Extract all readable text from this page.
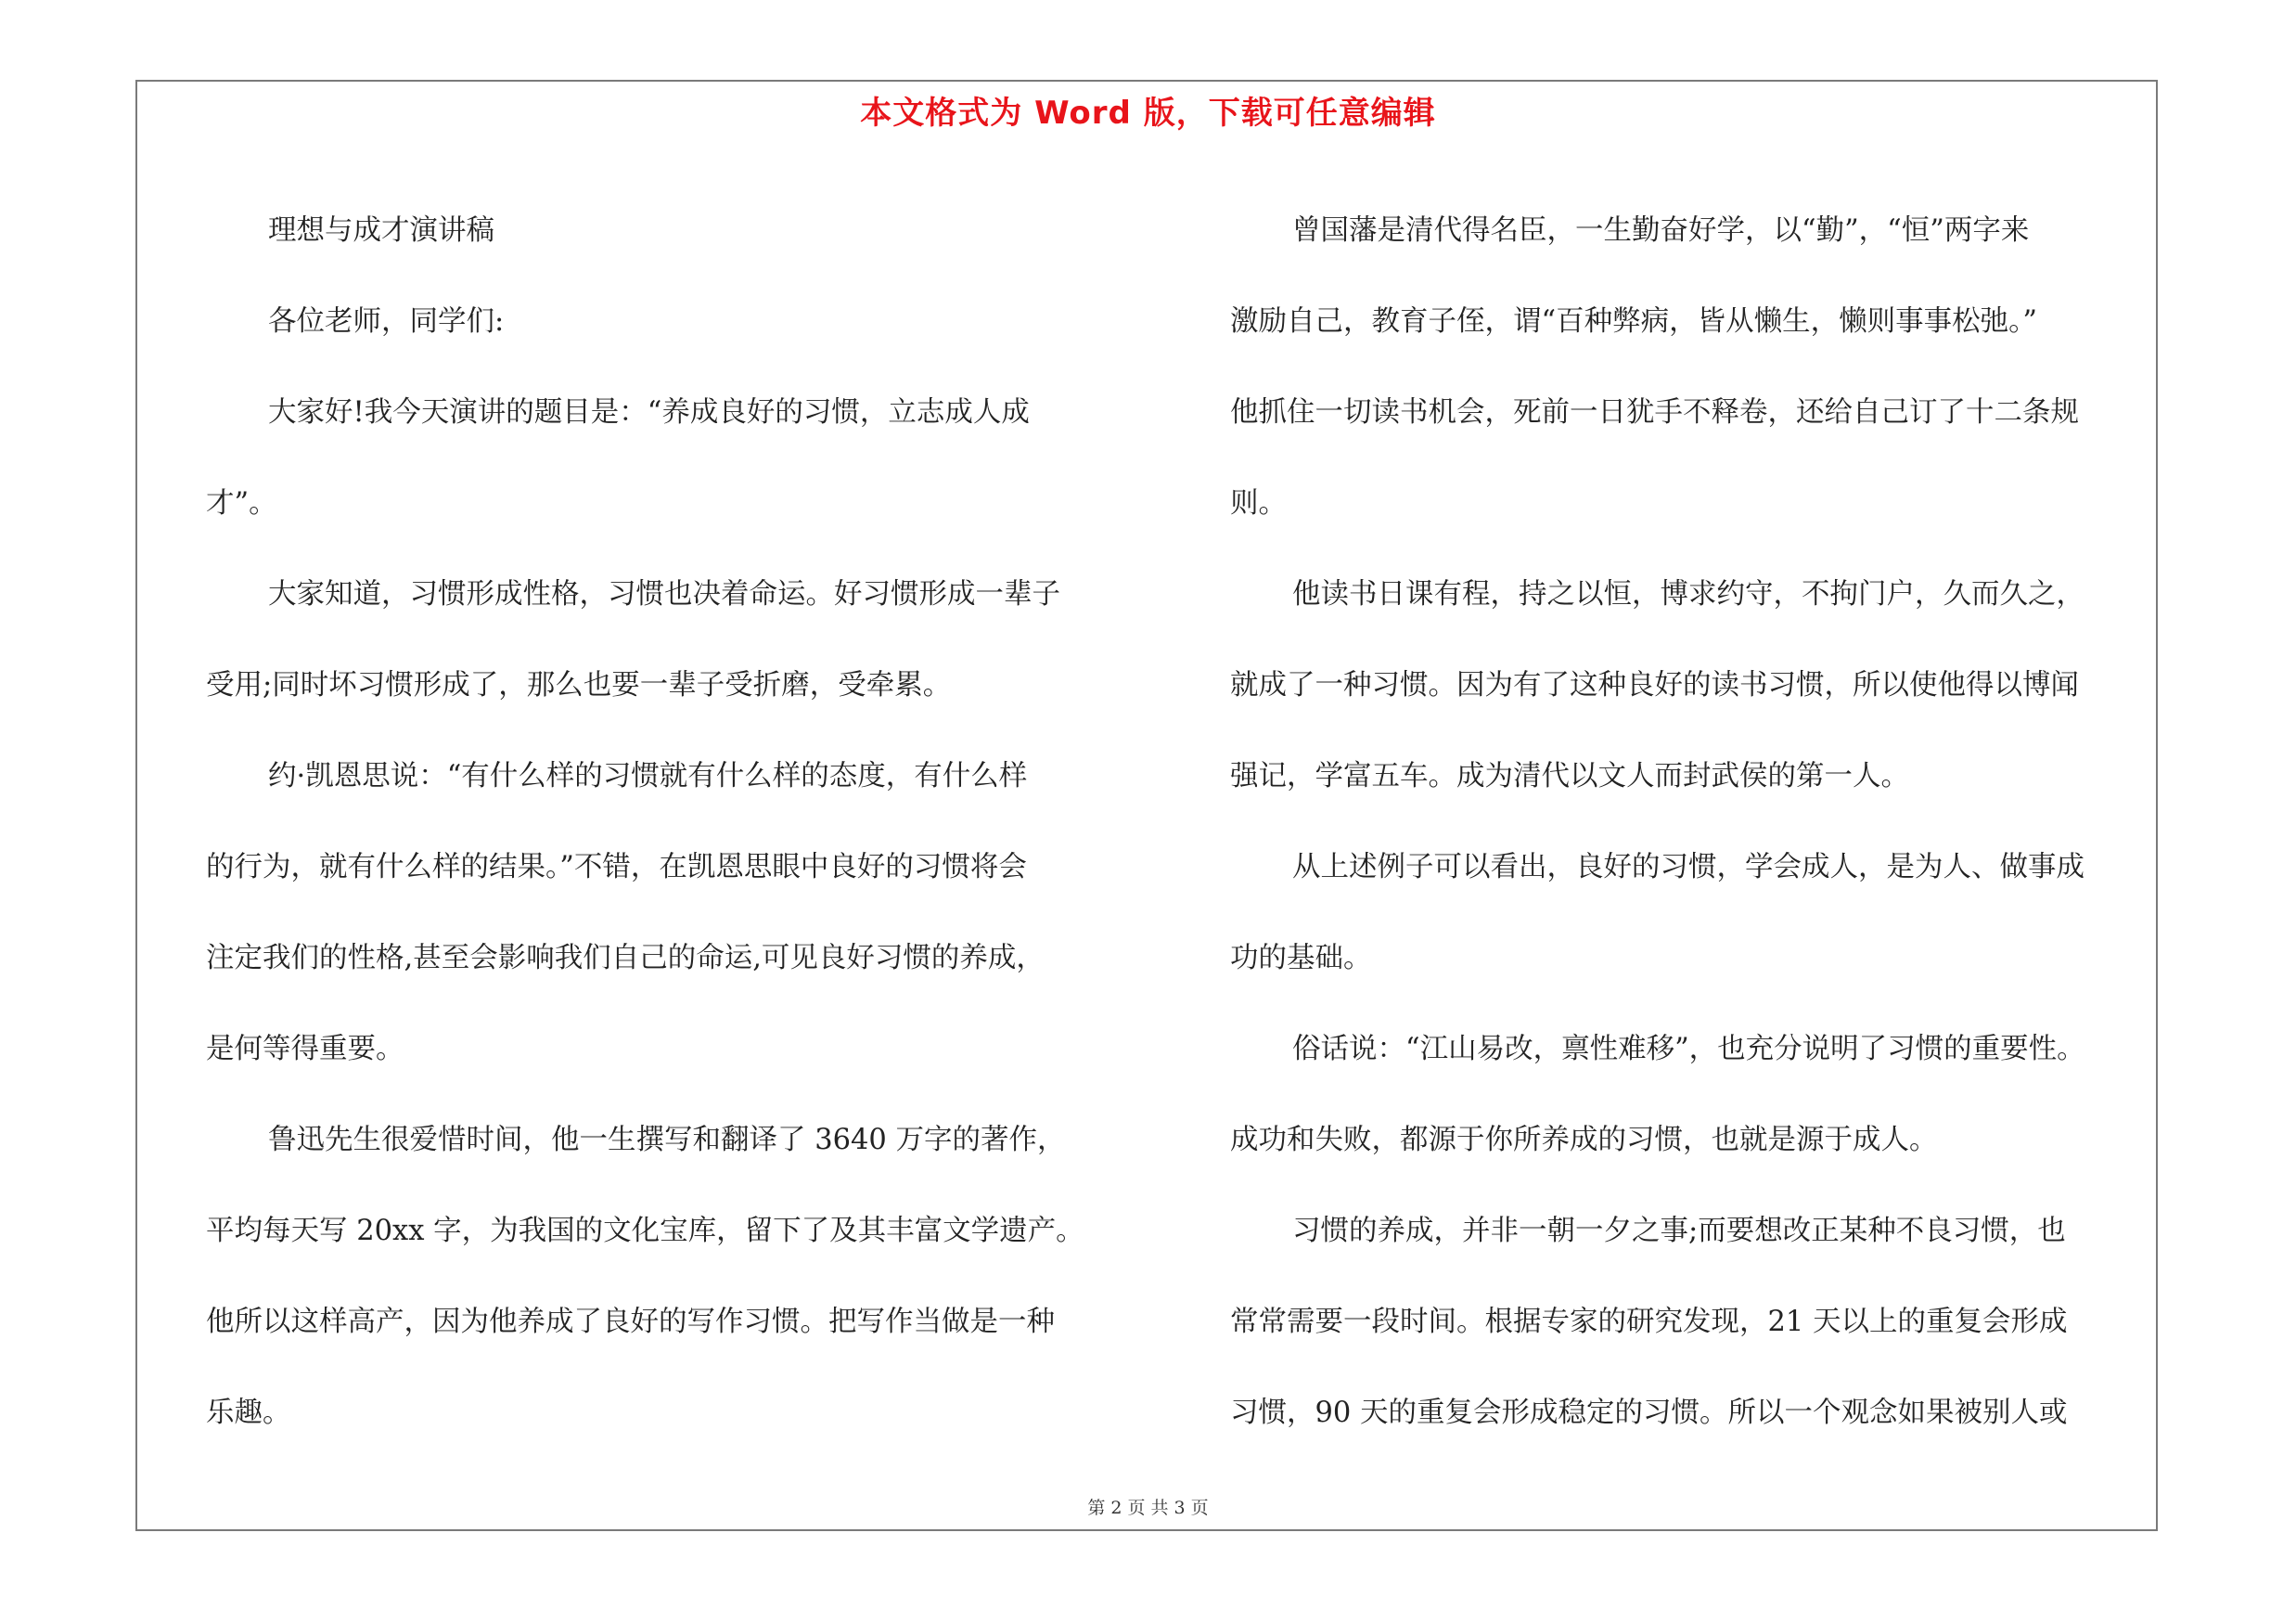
本文格式为 Word 版，下载可任意编辑
理想与成才演讲稿
各位老师，同学们:
大家好!我今天演讲的题目是：“养成良好的习惯，立志成人成
才”。
大家知道，习惯形成性格，习惯也决着命运。好习惯形成一辈子
受用;同时坏习惯形成了，那么也要一辈子受折磨，受牵累。
约·凯恩思说：“有什么样的习惯就有什么样的态度，有什么样
的行为，就有什么样的结果。”不错，在凯恩思眼中良好的习惯将会
注定我们的性格,甚至会影响我们自己的命运,可见良好习惯的养成，
是何等得重要。
鲁迅先生很爱惜时间，他一生撰写和翻译了 3640 万字的著作，
平均每天写 20xx 字，为我国的文化宝库，留下了及其丰富文学遗产。
他所以这样高产，因为他养成了良好的写作习惯。把写作当做是一种
乐趣。
曾国藩是清代得名臣，一生勤奋好学，以“勤”，“恒”两字来
激励自己，教育子侄，谓“百种弊病，皆从懒生，懒则事事松弛。”
他抓住一切读书机会，死前一日犹手不释卷，还给自己订了十二条规
则。
他读书日课有程，持之以恒，博求约守，不拘门户，久而久之，
就成了一种习惯。因为有了这种良好的读书习惯，所以使他得以博闻
强记，学富五车。成为清代以文人而封武侯的第一人。
从上述例子可以看出，良好的习惯，学会成人，是为人、做事成
功的基础。
俗话说：“江山易改，禀性难移”，也充分说明了习惯的重要性。
成功和失败，都源于你所养成的习惯，也就是源于成人。
习惯的养成，并非一朝一夕之事;而要想改正某种不良习惯，也
常常需要一段时间。根据专家的研究发现，21 天以上的重复会形成
习惯，90 天的重复会形成稳定的习惯。所以一个观念如果被别人或
第 2 页 共 3 页
